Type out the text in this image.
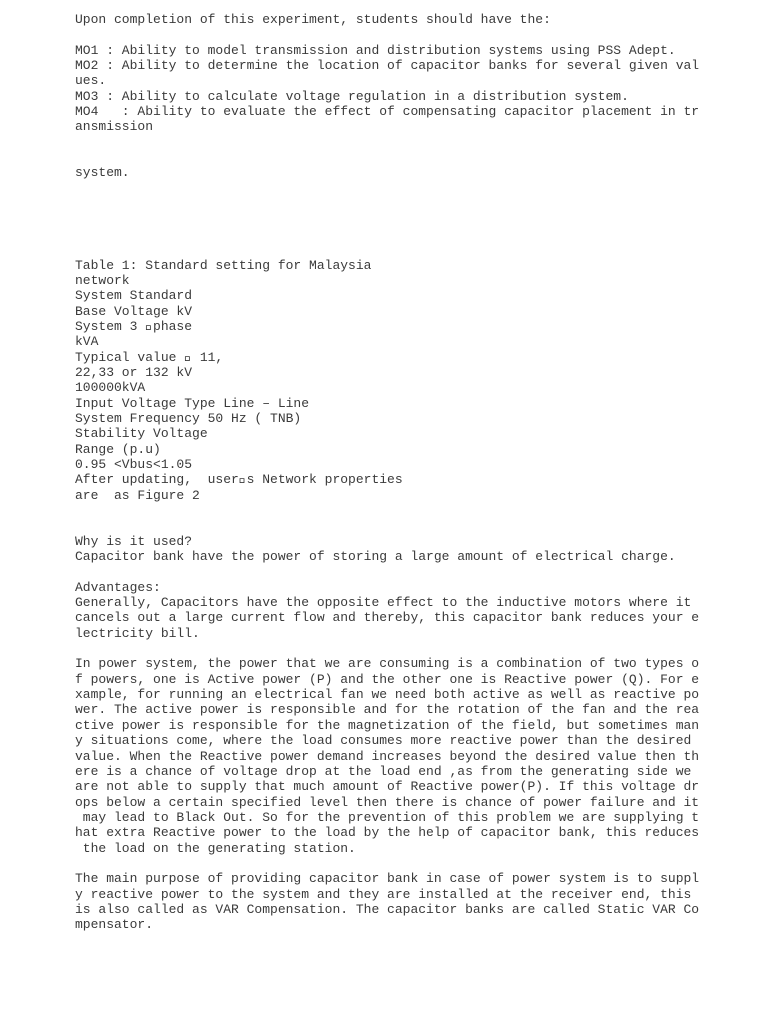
Upon completion of this experiment, students should have the:
MO1 : Ability to model transmission and distribution systems using PSS Adept.
MO2 : Ability to determine the location of capacitor banks for several given val
ues.
MO3 : Ability to calculate voltage regulation in a distribution system.
MO4   : Ability to evaluate the effect of compensating capacitor placement in tr
ansmission
system.
Table 1: Standard setting for Malaysia
network
System Standard
Base Voltage kV
System 3  phase
kVA
Typical value   11,
22,33 or 132 kV
100000kVA
Input Voltage Type Line – Line
System Frequency 50 Hz ( TNB)
Stability Voltage
Range (p.u)
0.95 <Vbus<1.05
After updating,  user s Network properties
are  as Figure 2
Why is it used?
Capacitor bank have the power of storing a large amount of electrical charge.
Advantages:
Generally, Capacitors have the opposite effect to the inductive motors where it
cancels out a large current flow and thereby, this capacitor bank reduces your e
lectricity bill.
In power system, the power that we are consuming is a combination of two types o
f powers, one is Active power (P) and the other one is Reactive power (Q). For e
xample, for running an electrical fan we need both active as well as reactive po
wer. The active power is responsible and for the rotation of the fan and the rea
ctive power is responsible for the magnetization of the field, but sometimes man
y situations come, where the load consumes more reactive power than the desired
value. When the Reactive power demand increases beyond the desired value then th
ere is a chance of voltage drop at the load end ,as from the generating side we
are not able to supply that much amount of Reactive power(P). If this voltage dr
ops below a certain specified level then there is chance of power failure and it
may lead to Black Out. So for the prevention of this problem we are supplying t
hat extra Reactive power to the load by the help of capacitor bank, this reduces
the load on the generating station.
The main purpose of providing capacitor bank in case of power system is to suppl
y reactive power to the system and they are installed at the receiver end, this
is also called as VAR Compensation. The capacitor banks are called Static VAR Co
mpensator.
